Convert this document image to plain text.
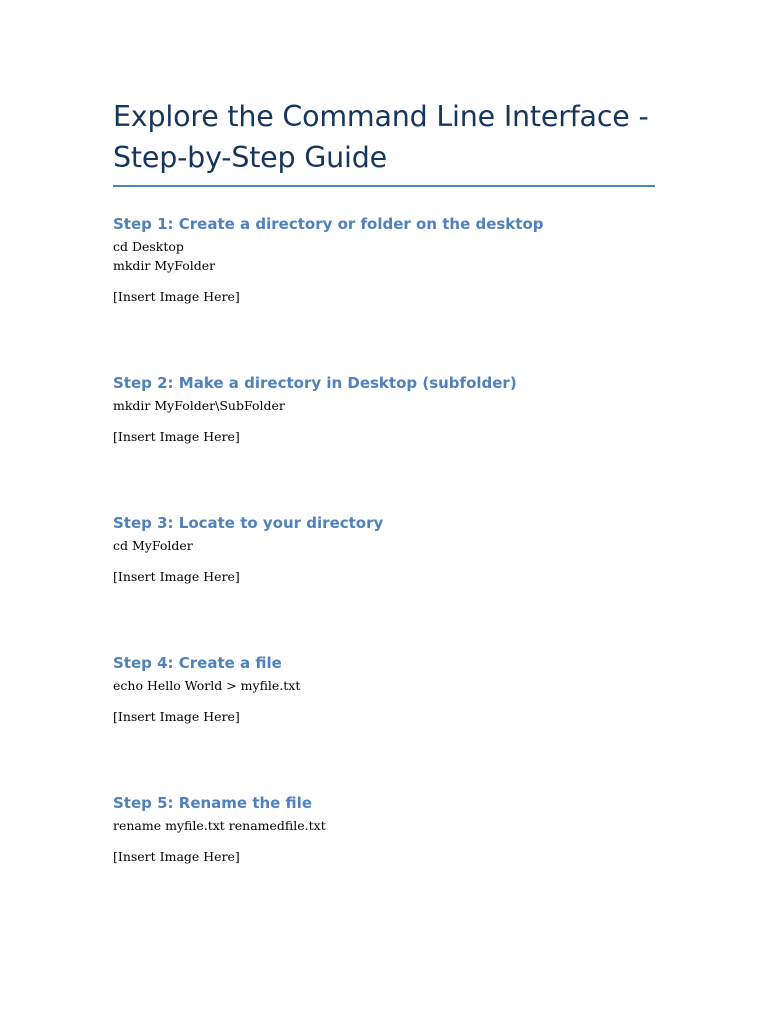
Explore the Command Line Interface -
Step-by-Step Guide
Step 1: Create a directory or folder on the desktop
cd Desktop
mkdir MyFolder
[Insert Image Here]
Step 2: Make a directory in Desktop (subfolder)
mkdir MyFolder\SubFolder
[Insert Image Here]
Step 3: Locate to your directory
cd MyFolder
[Insert Image Here]
Step 4: Create a file
echo Hello World > myfile.txt
[Insert Image Here]
Step 5: Rename the file
rename myfile.txt renamedfile.txt
[Insert Image Here]
